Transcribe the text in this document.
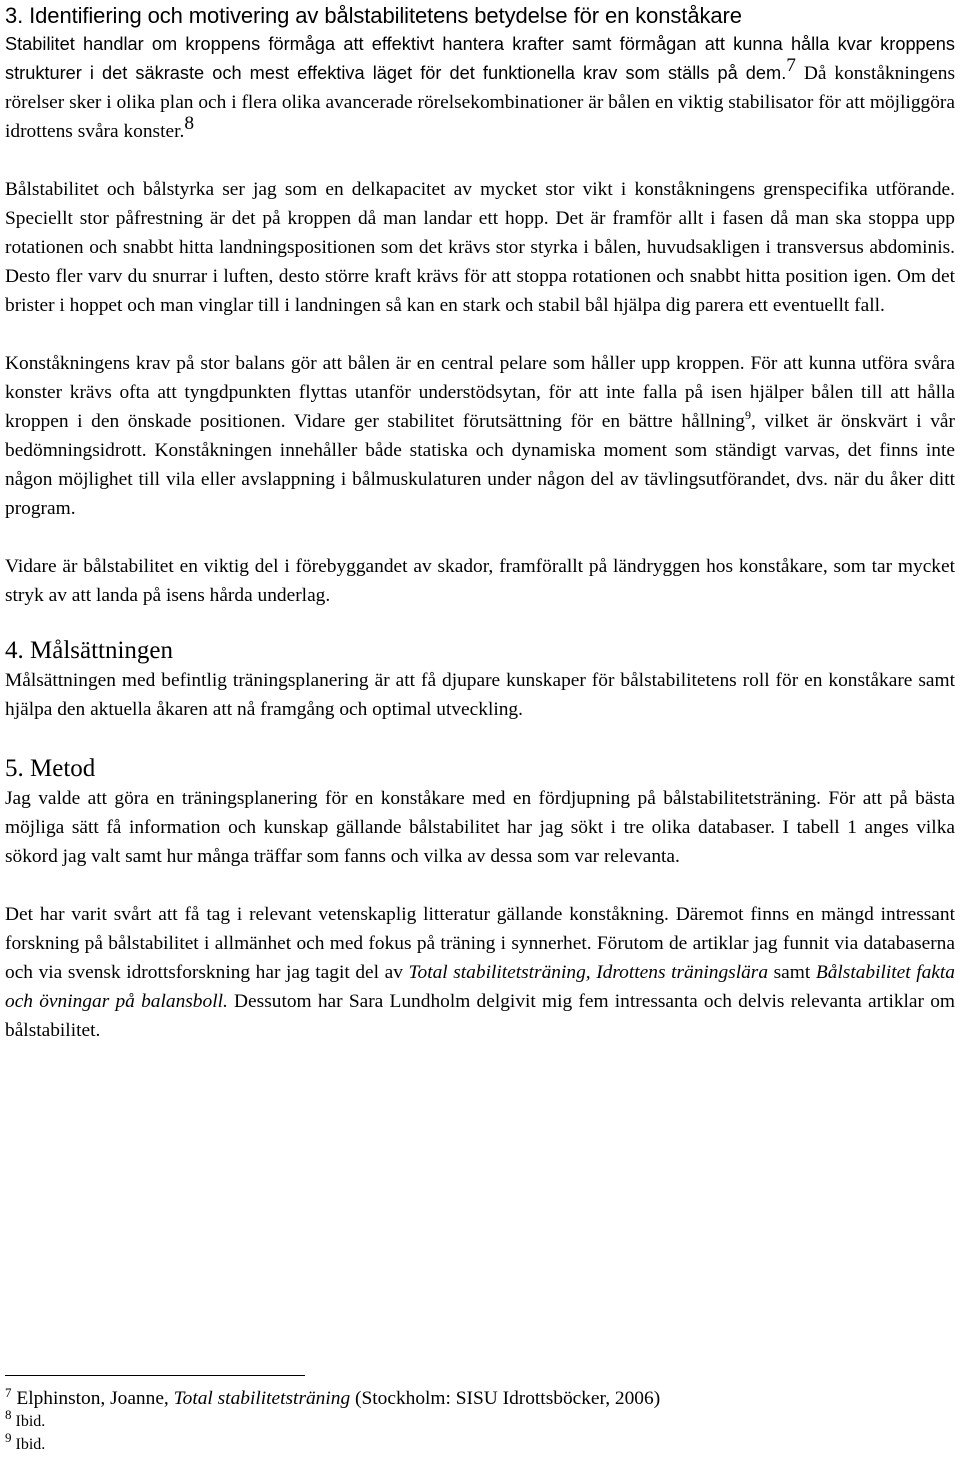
3. Identifiering och motivering av bålstabilitetens betydelse för en konståkare

Stabilitet handlar om kroppens förmåga att effektivt hantera krafter samt förmågan att kunna hålla kvar kroppens strukturer i det säkraste och mest effektiva läget för det funktionella krav som ställs på dem.$^7$ Då konståkningens rörelser sker i olika plan och i flera olika avancerade rörelsekombinationer är bålen en viktig stabilisator för att möjliggöra idrottens svåra konster.$^8$

Bålstabilitet och bålstyrka ser jag som en delkapacitet av mycket stor vikt i konståkningens grenspecifika utförande. Speciellt stor påfrestning är det på kroppen då man landar ett hopp. Det är framför allt i fasen då man ska stoppa upp rotationen och snabbt hitta landningspositionen som det krävs stor styrka i bålen, huvudsakligen i transversus abdominis. Desto fler varv du snurrar i luften, desto större kraft krävs för att stoppa rotationen och snabbt hitta position igen. Om det brister i hoppet och man vinglar till i landningen så kan en stark och stabil bål hjälpa dig parera ett eventuellt fall.

Konståkningens krav på stor balans gör att bålen är en central pelare som håller upp kroppen. För att kunna utföra svåra konster krävs ofta att tyngdpunkten flyttas utanför understödsytan, för att inte falla på isen hjälper bålen till att hålla kroppen i den önskade positionen. Vidare ger stabilitet förutsättning för en bättre hållning$^9$, vilket är önskvärt i vår bedömningsidrott. Konståkningen innehåller både statiska och dynamiska moment som ständigt varvas, det finns inte någon möjlighet till vila eller avslappning i bålmuskulaturen under någon del av tävlingsutförandet, dvs. när du åker ditt program.

Vidare är bålstabilitet en viktig del i förebyggandet av skador, framförallt på ländryggen hos konståkare, som tar mycket stryk av att landa på isens hårda underlag.

4. Målsättningen

Målsättningen med befintlig träningsplanering är att få djupare kunskaper för bålstabilitetens roll för en konståkare samt hjälpa den aktuella åkaren att nå framgång och optimal utveckling.

5. Metod

Jag valde att göra en träningsplanering för en konståkare med en fördjupning på bålstabilitetsträning. För att på bästa möjliga sätt få information och kunskap gällande bålstabilitet har jag sökt i tre olika databaser. I tabell 1 anges vilka sökord jag valt samt hur många träffar som fanns och vilka av dessa som var relevanta.

Det har varit svårt att få tag i relevant vetenskaplig litteratur gällande konståkning. Däremot finns en mängd intressant forskning på bålstabilitet i allmänhet och med fokus på träning i synnerhet. Förutom de artiklar jag funnit via databaserna och via svensk idrottsforskning har jag tagit del av Total stabilitetsträning, Idrottens träningslära samt Bålstabilitet fakta och övningar på balansboll. Dessutom har Sara Lundholm delgivit mig fem intressanta och delvis relevanta artiklar om bålstabilitet.

$^7$ Elphinston, Joanne, Total stabilitetsträning (Stockholm: SISU Idrottsböcker, 2006)
$^8$ Ibid.
$^9$ Ibid.
